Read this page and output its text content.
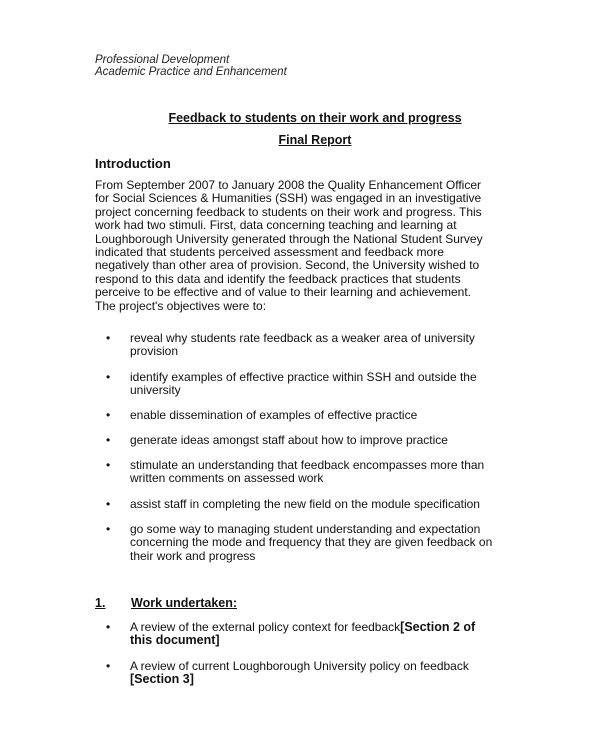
Professional Development
Academic Practice and Enhancement
Feedback to students on their work and progress
Final Report
Introduction
From September 2007 to January 2008 the Quality Enhancement Officer
for Social Sciences & Humanities (SSH) was engaged in an investigative
project concerning feedback to students on their work and progress. This
work had two stimuli. First, data concerning teaching and learning at
Loughborough University generated through the National Student Survey
indicated that students perceived assessment and feedback more
negatively than other area of provision. Second, the University wished to
respond to this data and identify the feedback practices that students
perceive to be effective and of value to their learning and achievement.
The project's objectives were to:
•	reveal why students rate feedback as a weaker area of university
provision
•	identify examples of effective practice within SSH and outside the
university
•	enable dissemination of examples of effective practice
•	generate ideas amongst staff about how to improve practice
•	stimulate an understanding that feedback encompasses more than
written comments on assessed work
•	assist staff in completing the new field on the module specification
•	go some way to managing student understanding and expectation
concerning the mode and frequency that they are given feedback on
their work and progress
1. Work undertaken:
•	A review of the external policy context for feedback[Section 2 of
this document]
•	A review of current Loughborough University policy on feedback
[Section 3]
